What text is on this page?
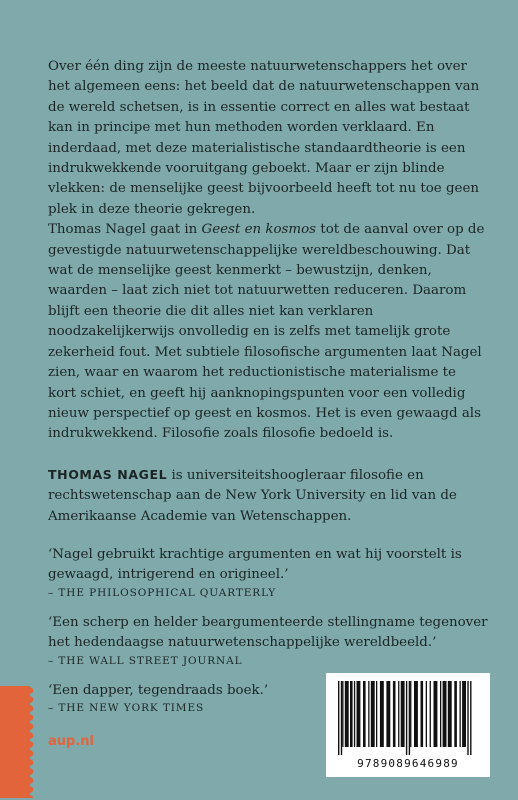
Over één ding zijn de meeste natuurwetenschappers het over het algemeen eens: het beeld dat de natuurwetenschappen van de wereld schetsen, is in essentie correct en alles wat bestaat kan in principe met hun methoden worden verklaard. En inderdaad, met deze materialistische standaardtheorie is een indrukwekkende vooruitgang geboekt. Maar er zijn blinde vlekken: de menselijke geest bijvoorbeeld heeft tot nu toe geen plek in deze theorie gekregen.

Thomas Nagel gaat in Geest en kosmos tot de aanval over op de gevestigde natuurwetenschappelijke wereldbeschouwing. Dat wat de menselijke geest kenmerkt – bewustzijn, denken, waarden – laat zich niet tot natuurwetten reduceren. Daarom blijft een theorie die dit alles niet kan verklaren noodzakelijkerwijs onvolledig en is zelfs met tamelijk grote zekerheid fout. Met subtiele filosofische argumenten laat Nagel zien, waar en waarom het reductionistische materialisme te kort schiet, en geeft hij aanknopingspunten voor een volledig nieuw perspectief op geest en kosmos. Het is even gewaagd als indrukwekkend. Filosofie zoals filosofie bedoeld is.

THOMAS NAGEL is universiteitshoogleraar filosofie en rechtswetenschap aan de New York University en lid van de Amerikaanse Academie van Wetenschappen.

‘Nagel gebruikt krachtige argumenten en wat hij voorstelt is gewaagd, intrigerend en origineel.’

– THE PHILOSOPHICAL QUARTERLY

‘Een scherp en helder beargumenteerde stellingname tegenover het hedendaagse natuurwetenschappelijke wereldbeeld.’

– THE WALL STREET JOURNAL

‘Een dapper, tegendraads boek.’

– THE NEW YORK TIMES

aup.nl
9789089646989
